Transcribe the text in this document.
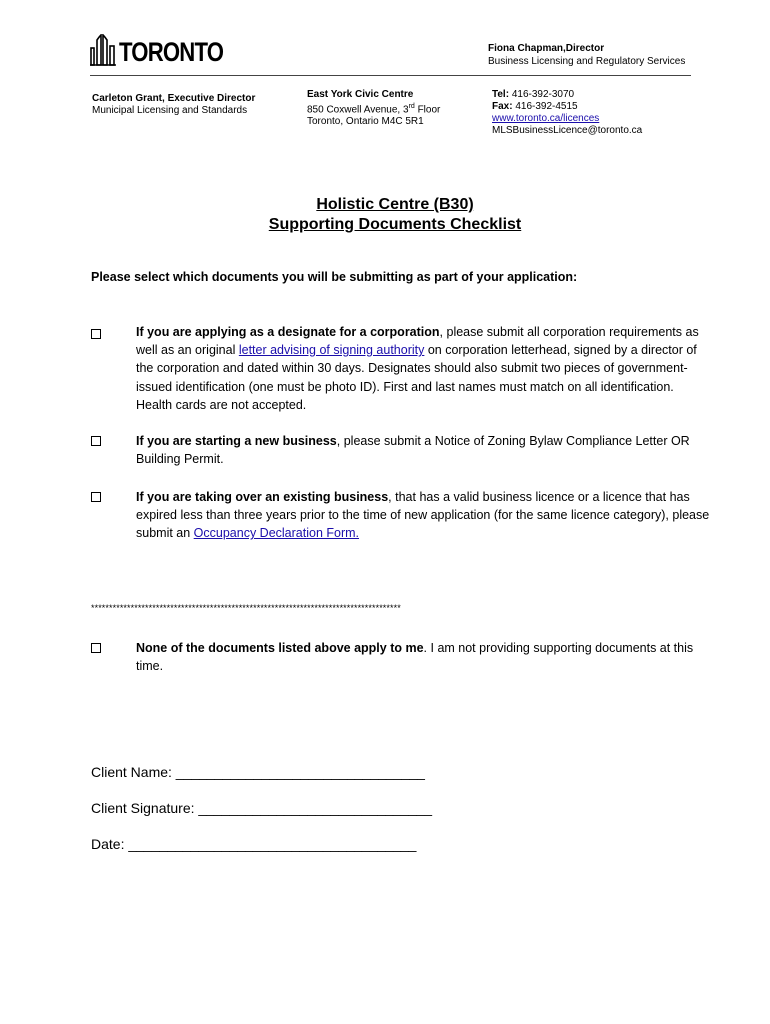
TORONTO	Fiona Chapman,Director
Business Licensing and Regulatory Services
Carleton Grant, Executive Director
Municipal Licensing and Standards
East York Civic Centre
850 Coxwell Avenue, 3rd Floor
Toronto, Ontario M4C 5R1
Tel: 416-392-3070
Fax: 416-392-4515
www.toronto.ca/licences
MLSBusinessLicence@toronto.ca
Holistic Centre (B30)
Supporting Documents Checklist
Please select which documents you will be submitting as part of your application:
If you are applying as a designate for a corporation, please submit all corporation requirements as well as an original letter advising of signing authority on corporation letterhead, signed by a director of the corporation and dated within 30 days. Designates should also submit two pieces of government-issued identification (one must be photo ID). First and last names must match on all identification. Health cards are not accepted.
If you are starting a new business, please submit a Notice of Zoning Bylaw Compliance Letter OR Building Permit.
If you are taking over an existing business, that has a valid business licence or a licence that has expired less than three years prior to the time of new application (for the same licence category), please submit an Occupancy Declaration Form.
**************************************************************************************
None of the documents listed above apply to me. I am not providing supporting documents at this time.
Client Name: ________________________________
Client Signature: ______________________________
Date: _____________________________________
